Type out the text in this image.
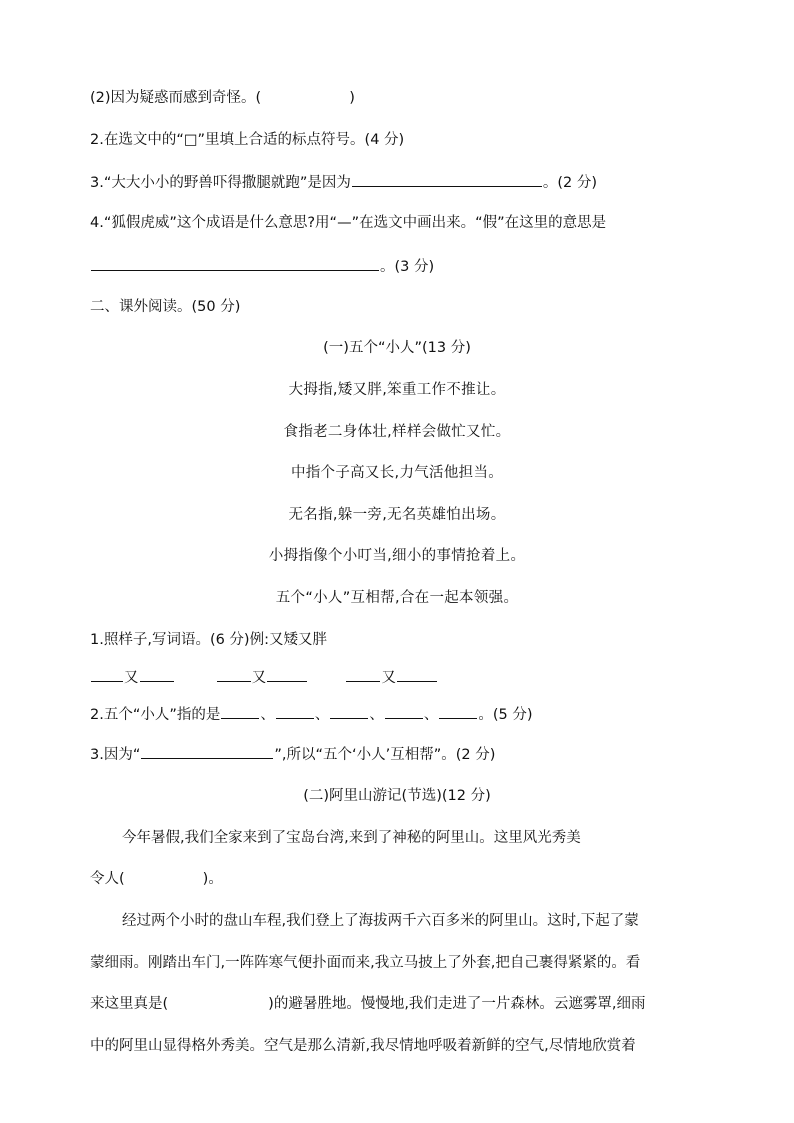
(2)因为疑惑而感到奇怪。(	)
2.在选文中的“□”里填上合适的标点符号。(4 分)
3.“大大小小的野兽吓得撒腿就跑”是因为	。(2 分)
4.“狐假虎威”这个成语是什么意思?用“—”在选文中画出来。“假”在这里的意思是
。(3 分)
二、课外阅读。(50 分)
(一)五个“小人”(13 分)
大拇指,矮又胖,笨重工作不推让。
食指老二身体壮,样样会做忙又忙。
中指个子高又长,力气活他担当。
无名指,躲一旁,无名英雄怕出场。
小拇指像个小叮当,细小的事情抢着上。
五个“小人”互相帮,合在一起本领强。
1.照样子,写词语。(6 分)例:又矮又胖
又	又	又
2.五个“小人”指的是	、	、	、	、	。(5 分)
3.因为“	”,所以“五个‘小人’互相帮”。(2 分)
(二)阿里山游记(节选)(12 分)
今年暑假,我们全家来到了宝岛台湾,来到了神秘的阿里山。这里风光秀美
令人(	)。
经过两个小时的盘山车程,我们登上了海拔两千六百多米的阿里山。这时,下起了蒙
蒙细雨。刚踏出车门,一阵阵寒气便扑面而来,我立马披上了外套,把自己裹得紧紧的。看
来这里真是(	)的避暑胜地。慢慢地,我们走进了一片森林。云遮雾罩,细雨
中的阿里山显得格外秀美。空气是那么清新,我尽情地呼吸着新鲜的空气,尽情地欣赏着
